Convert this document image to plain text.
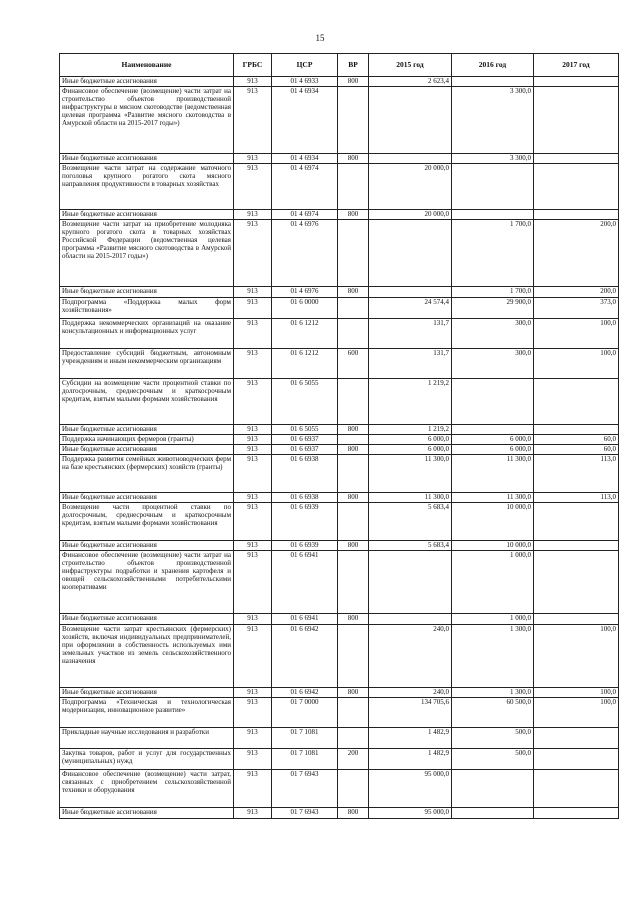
15
Наименование	ГРБС	ЦСР	ВР	2015 год	2016 год	2017 год
Иные бюджетные ассигнования	913	01 4 6933	800	2 623,4		
Финансовое обеспечение (возмещение) части затрат на строительство объектов производственной инфраструктуры в мясном скотоводстве (ведомственная целевая программа «Развитие мясного скотоводства в Амурской области на 2015-2017 годы»)	913	01 4 6934			3 300,0	
Иные бюджетные ассигнования	913	01 4 6934	800		3 300,0	
Возмещение части затрат на содержание маточного поголовья крупного рогатого скота мясного направления продуктивности в товарных хозяйствах	913	01 4 6974		20 000,0		
Иные бюджетные ассигнования	913	01 4 6974	800	20 000,0		
Возмещение части затрат на приобретение молодняка крупного рогатого скота в товарных хозяйствах Российской Федерации (ведомственная целевая программа «Развитие мясного скотоводства в Амурской области на 2015-2017 годы»)	913	01 4 6976			1 700,0	200,0
Иные бюджетные ассигнования	913	01 4 6976	800		1 700,0	200,0
Подпрограмма «Поддержка малых форм хозяйствования»	913	01 6 0000		24 574,4	29 900,0	373,0
Поддержка некоммерческих организаций на оказание консультационных и информационных услуг	913	01 6 1212		131,7	300,0	100,0
Предоставление субсидий бюджетным, автономным учреждениям и иным некоммерческим организациям	913	01 6 1212	600	131,7	300,0	100,0
Субсидии на возмещение части процентной ставки по долгосрочным, среднесрочным и краткосрочным кредитам, взятым малыми формами хозяйствования	913	01 6 5055		1 219,2		
Иные бюджетные ассигнования	913	01 6 5055	800	1 219,2		
Поддержка начинающих фермеров (гранты)	913	01 6 6937		6 000,0	6 000,0	60,0
Иные бюджетные ассигнования	913	01 6 6937	800	6 000,0	6 000,0	60,0
Поддержка развития семейных животноводческих ферм на базе крестьянских (фермерских) хозяйств (гранты)	913	01 6 6938		11 300,0	11 300,0	113,0
Иные бюджетные ассигнования	913	01 6 6938	800	11 300,0	11 300,0	113,0
Возмещение части процентной ставки по долгосрочным, среднесрочным и краткосрочным кредитам, взятым малыми формами хозяйствования	913	01 6 6939		5 683,4	10 000,0	
Иные бюджетные ассигнования	913	01 6 6939	800	5 683,4	10 000,0	
Финансовое обеспечение (возмещение) части затрат на строительство объектов производственной инфраструктуры подработки и хранения картофеля и овощей сельскохозяйственными потребительскими кооперативами	913	01 6 6941			1 000,0	
Иные бюджетные ассигнования	913	01 6 6941	800		1 000,0	
Возмещение части затрат крестьянских (фермерских) хозяйств, включая индивидуальных предпринимателей, при оформлении в собственность используемых ими земельных участков из земель сельскохозяйственного назначения	913	01 6 6942		240,0	1 300,0	100,0
Иные бюджетные ассигнования	913	01 6 6942	800	240,0	1 300,0	100,0
Подпрограмма «Техническая и технологическая модернизация, инновационное развитие»	913	01 7 0000		134 705,6	60 500,0	100,0
Прикладные научные исследования и разработки	913	01 7 1081		1 482,9	500,0	
Закупка товаров, работ и услуг для государственных (муниципальных) нужд	913	01 7 1081	200	1 482,9	500,0	
Финансовое обеспечение (возмещение) части затрат, связанных с приобретением сельскохозяйственной техники и оборудования	913	01 7 6943		95 000,0		
Иные бюджетные ассигнования	913	01 7 6943	800	95 000,0		
